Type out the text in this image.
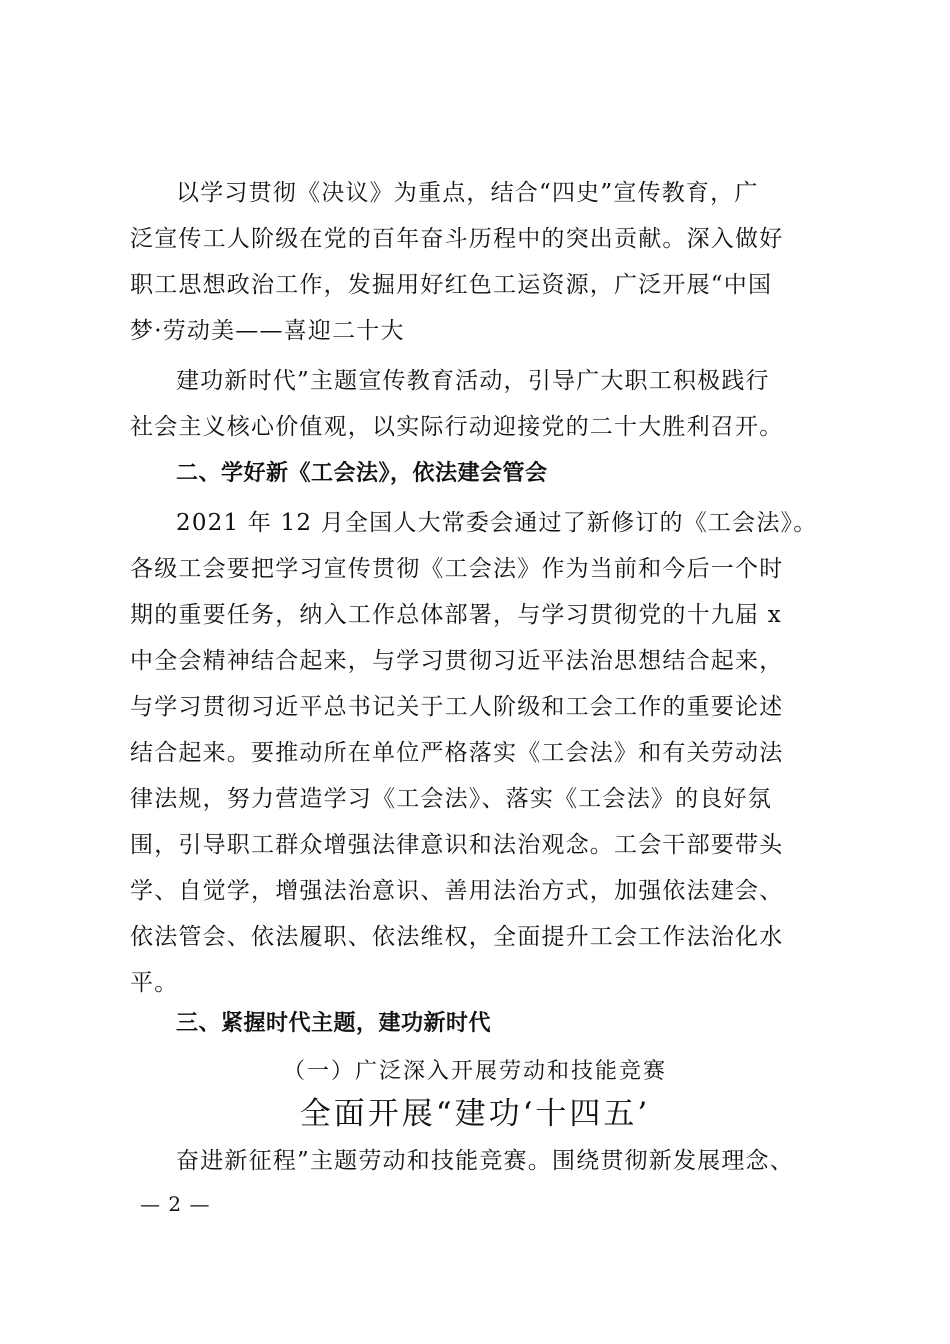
以学习贯彻《决议》为重点，结合“四史”宣传教育，广
泛宣传工人阶级在党的百年奋斗历程中的突出贡献。深入做好
职工思想政治工作，发掘用好红色工运资源，广泛开展“中国
梦·劳动美——喜迎二十大
建功新时代”主题宣传教育活动，引导广大职工积极践行
社会主义核心价值观，以实际行动迎接党的二十大胜利召开。
二、学好新《工会法》，依法建会管会
2021 年 12 月全国人大常委会通过了新修订的《工会法》。
各级工会要把学习宣传贯彻《工会法》作为当前和今后一个时
期的重要任务，纳入工作总体部署，与学习贯彻党的十九届 x
中全会精神结合起来，与学习贯彻习近平法治思想结合起来，
与学习贯彻习近平总书记关于工人阶级和工会工作的重要论述
结合起来。要推动所在单位严格落实《工会法》和有关劳动法
律法规，努力营造学习《工会法》、落实《工会法》的良好氛
围，引导职工群众增强法律意识和法治观念。工会干部要带头
学、自觉学，增强法治意识、善用法治方式，加强依法建会、
依法管会、依法履职、依法维权，全面提升工会工作法治化水
平。
三、紧握时代主题，建功新时代
（一）广泛深入开展劳动和技能竞赛
全面开展“建功‘十四五’
奋进新征程”主题劳动和技能竞赛。围绕贯彻新发展理念、
— 2 —
